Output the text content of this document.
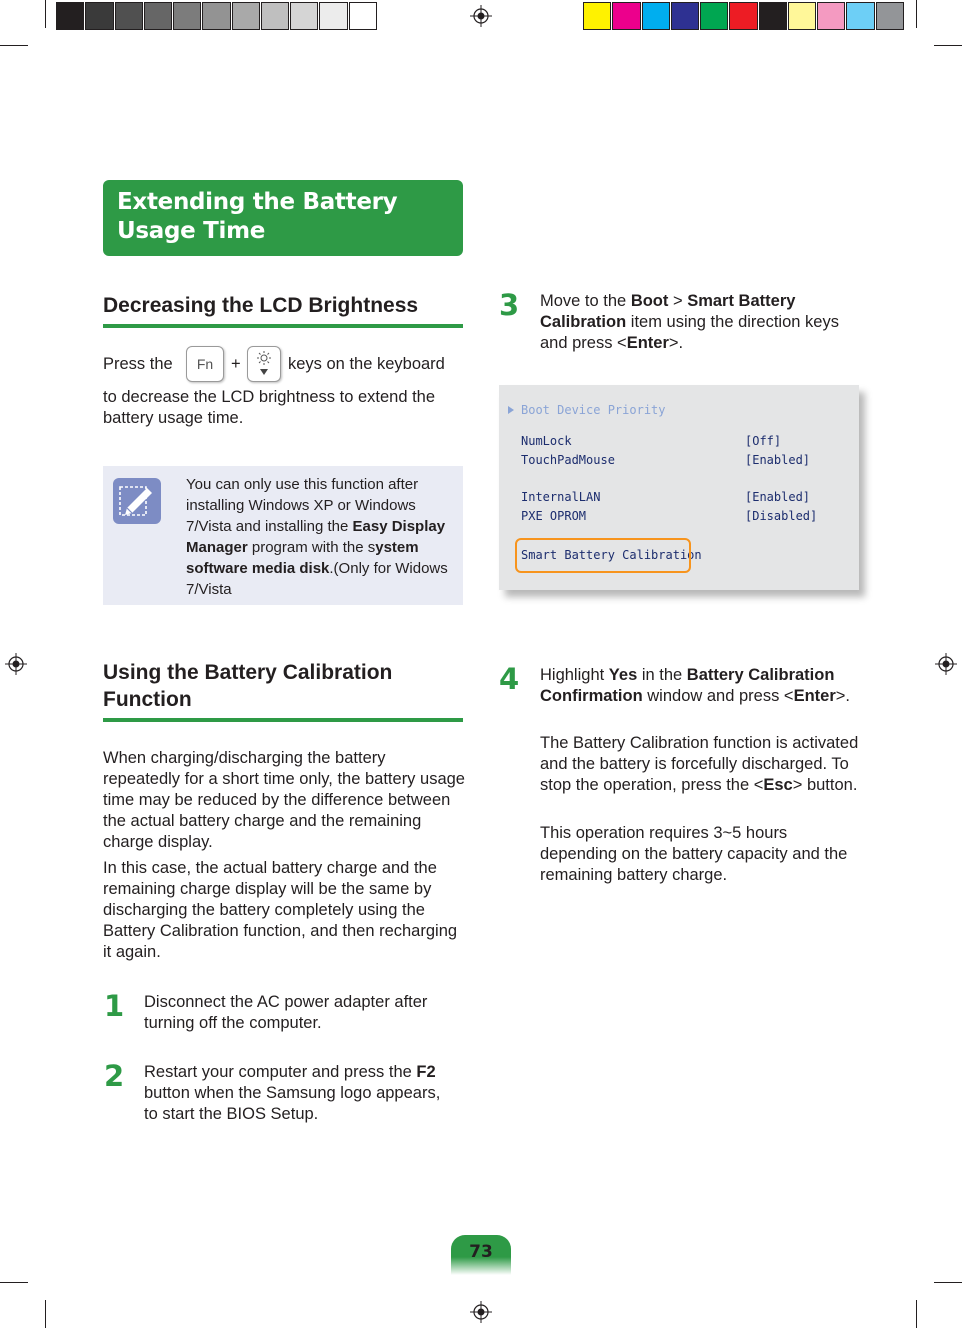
Extending the Battery Usage Time
Decreasing the LCD Brightness
Press the	Fn	+	keys on the keyboard
to decrease the LCD brightness to extend the battery usage time.
You can only use this function after installing Windows XP or Windows 7/Vista and installing the Easy Display Manager program with the system software media disk.(Only for Widows 7/Vista
Using the Battery Calibration Function
When charging/discharging the battery repeatedly for a short time only, the battery usage time may be reduced by the difference between the actual battery charge and the remaining charge display.
In this case, the actual battery charge and the remaining charge display will be the same by discharging the battery completely using the Battery Calibration function, and then recharging it again.
1 Disconnect the AC power adapter after turning off the computer.
2 Restart your computer and press the F2 button when the Samsung logo appears, to start the BIOS Setup.
3 Move to the Boot > Smart Battery Calibration item using the direction keys and press <Enter>.
Boot Device Priority
NumLock	[Off]
TouchPadMouse	[Enabled]
InternalLAN	[Enabled]
PXE OPROM	[Disabled]
Smart Battery Calibration
4 Highlight Yes in the Battery Calibration Confirmation window and press <Enter>.
The Battery Calibration function is activated and the battery is forcefully discharged. To stop the operation, press the <Esc> button.
This operation requires 3~5 hours depending on the battery capacity and the remaining battery charge.
73
